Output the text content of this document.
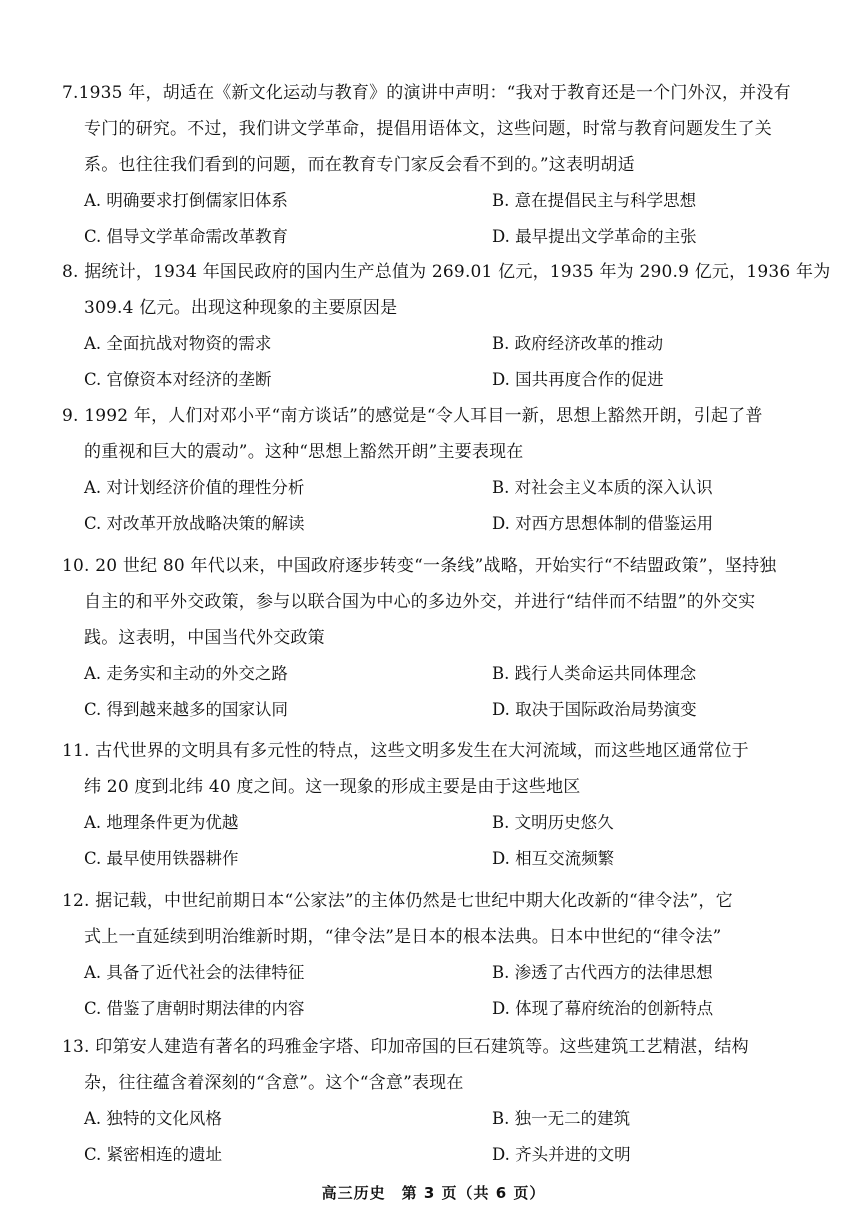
7.1935 年，胡适在《新文化运动与教育》的演讲中声明：“我对于教育还是一个门外汉，并没有
专门的研究。不过，我们讲文学革命，提倡用语体文，这些问题，时常与教育问题发生了关
系。也往往我们看到的问题，而在教育专门家反会看不到的。”这表明胡适
A. 明确要求打倒儒家旧体系	B. 意在提倡民主与科学思想
C. 倡导文学革命需改革教育	D. 最早提出文学革命的主张
8. 据统计，1934 年国民政府的国内生产总值为 269.01 亿元，1935 年为 290.9 亿元，1936 年为
309.4 亿元。出现这种现象的主要原因是
A. 全面抗战对物资的需求	B. 政府经济改革的推动
C. 官僚资本对经济的垄断	D. 国共再度合作的促进
9. 1992 年，人们对邓小平“南方谈话”的感觉是“令人耳目一新，思想上豁然开朗，引起了普
的重视和巨大的震动”。这种“思想上豁然开朗”主要表现在
A. 对计划经济价值的理性分析	B. 对社会主义本质的深入认识
C. 对改革开放战略决策的解读	D. 对西方思想体制的借鉴运用
10. 20 世纪 80 年代以来，中国政府逐步转变“一条线”战略，开始实行“不结盟政策”，坚持独
自主的和平外交政策，参与以联合国为中心的多边外交，并进行“结伴而不结盟”的外交实
践。这表明，中国当代外交政策
A. 走务实和主动的外交之路	B. 践行人类命运共同体理念
C. 得到越来越多的国家认同	D. 取决于国际政治局势演变
11. 古代世界的文明具有多元性的特点，这些文明多发生在大河流域，而这些地区通常位于
纬 20 度到北纬 40 度之间。这一现象的形成主要是由于这些地区
A. 地理条件更为优越	B. 文明历史悠久
C. 最早使用铁器耕作	D. 相互交流频繁
12. 据记载，中世纪前期日本“公家法”的主体仍然是七世纪中期大化改新的“律令法”，它
式上一直延续到明治维新时期，“律令法”是日本的根本法典。日本中世纪的“律令法”
A. 具备了近代社会的法律特征	B. 渗透了古代西方的法律思想
C. 借鉴了唐朝时期法律的内容	D. 体现了幕府统治的创新特点
13. 印第安人建造有著名的玛雅金字塔、印加帝国的巨石建筑等。这些建筑工艺精湛，结构
杂，往往蕴含着深刻的“含意”。这个“含意”表现在
A. 独特的文化风格	B. 独一无二的建筑
C. 紧密相连的遗址	D. 齐头并进的文明
高三历史　第 3 页（共 6 页）
